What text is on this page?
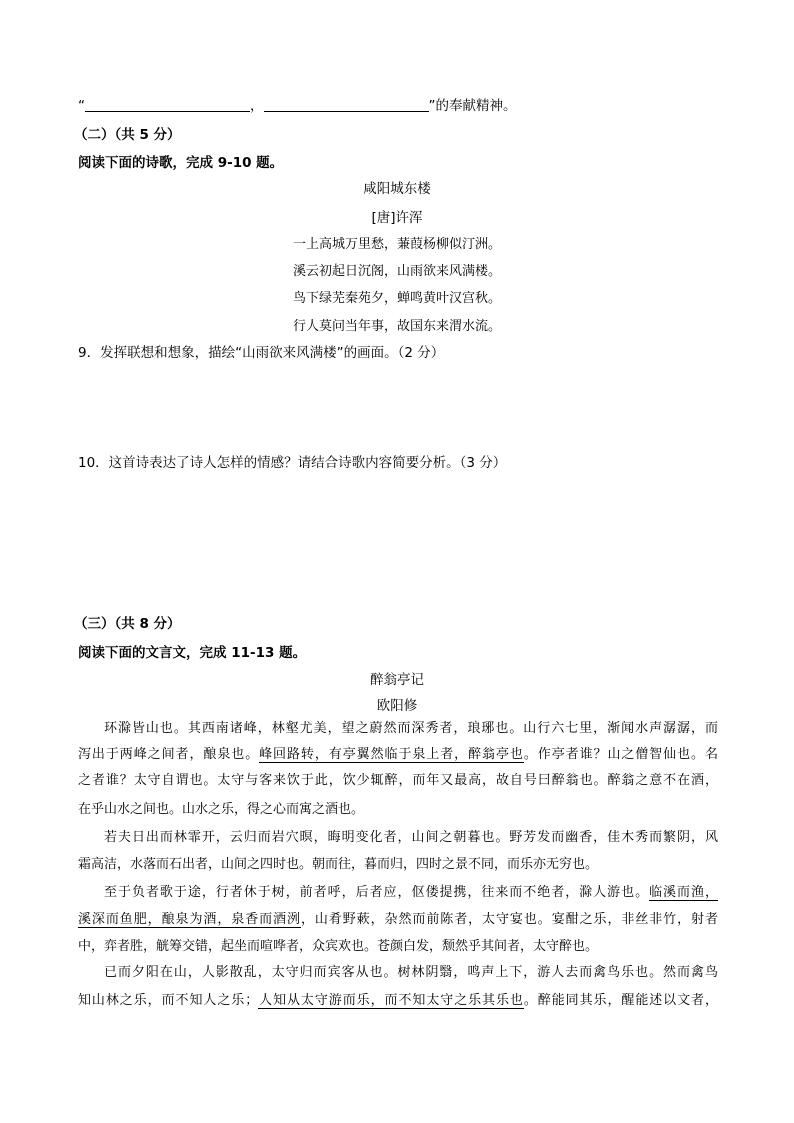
“	，	”的奉献精神。
（二）（共 5 分）
阅读下面的诗歌，完成 9-10 题。
咸阳城东楼
[唐]许浑
一上高城万里愁，蒹葭杨柳似汀洲。
溪云初起日沉阁，山雨欲来风满楼。
鸟下绿芜秦苑夕，蝉鸣黄叶汉宫秋。
行人莫问当年事，故国东来渭水流。
9．发挥联想和想象，描绘“山雨欲来风满楼”的画面。（2 分）
10．这首诗表达了诗人怎样的情感？请结合诗歌内容简要分析。（3 分）
（三）（共 8 分）
阅读下面的文言文，完成 11-13 题。
醉翁亭记
欧阳修
环滁皆山也。其西南诸峰，林壑尤美，望之蔚然而深秀者，琅琊也。山行六七里，渐闻水声潺潺，而
泻出于两峰之间者，酿泉也。峰回路转，有亭翼然临于泉上者，醉翁亭也。作亭者谁？山之僧智仙也。名
之者谁？太守自谓也。太守与客来饮于此，饮少辄醉，而年又最高，故自号曰醉翁也。醉翁之意不在酒，
在乎山水之间也。山水之乐，得之心而寓之酒也。
若夫日出而林霏开，云归而岩穴暝，晦明变化者，山间之朝暮也。野芳发而幽香，佳木秀而繁阴，风
霜高洁，水落而石出者，山间之四时也。朝而往，暮而归，四时之景不同，而乐亦无穷也。
至于负者歌于途，行者休于树，前者呼，后者应，伛偻提携，往来而不绝者，滁人游也。临溪而渔，
溪深而鱼肥，酿泉为酒，泉香而酒洌，山肴野蔌，杂然而前陈者，太守宴也。宴酣之乐，非丝非竹，射者
中，弈者胜，觥筹交错，起坐而喧哗者，众宾欢也。苍颜白发，颓然乎其间者，太守醉也。
已而夕阳在山，人影散乱，太守归而宾客从也。树林阴翳，鸣声上下，游人去而禽鸟乐也。然而禽鸟
知山林之乐，而不知人之乐；人知从太守游而乐，而不知太守之乐其乐也。醉能同其乐，醒能述以文者，
